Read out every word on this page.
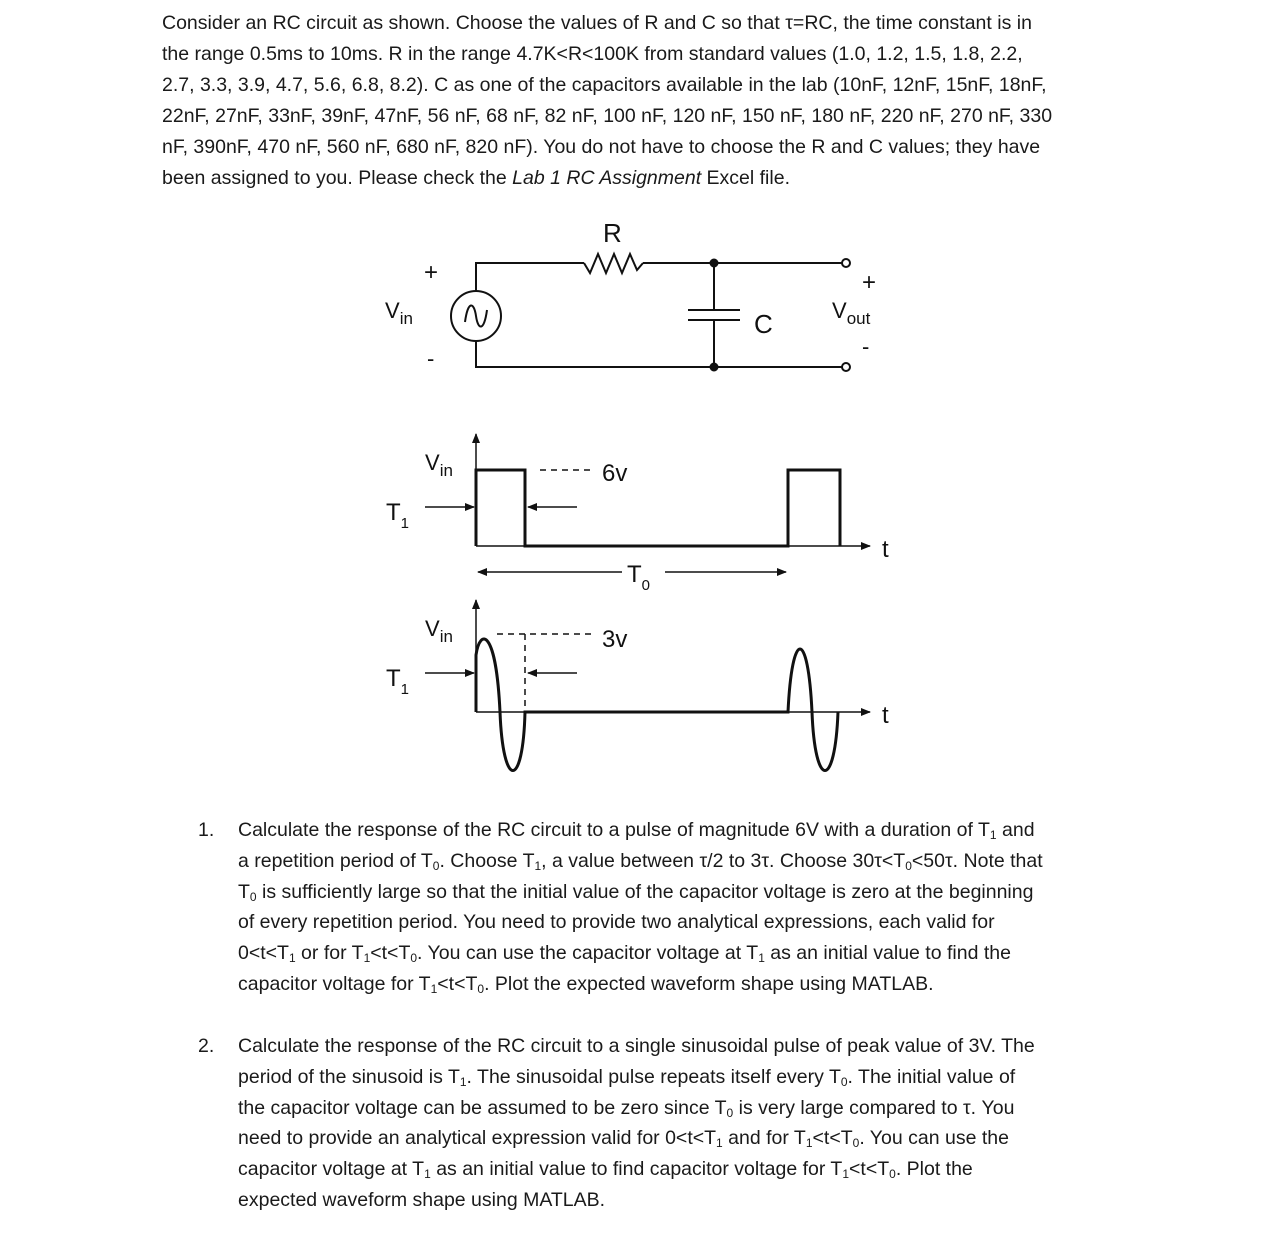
Consider an RC circuit as shown. Choose the values of R and C so that τ=RC, the time constant is in
the range 0.5ms to 10ms. R in the range 4.7K<R<100K from standard values (1.0, 1.2, 1.5, 1.8, 2.2,
2.7, 3.3, 3.9, 4.7, 5.6, 6.8, 8.2). C as one of the capacitors available in the lab (10nF, 12nF, 15nF, 18nF,
22nF, 27nF, 33nF, 39nF, 47nF, 56 nF, 68 nF, 82 nF, 100 nF, 120 nF, 150 nF, 180 nF, 220 nF, 270 nF, 330
nF, 390nF, 470 nF, 560 nF, 680 nF, 820 nF). You do not have to choose the R and C values; they have
been assigned to you. Please check the Lab 1 RC Assignment Excel file.
1. Calculate the response of the RC circuit to a pulse of magnitude 6V with a duration of $T_1$ and
a repetition period of $T_0$. Choose $T_1$, a value between τ/2 to 3τ. Choose $30\tau<T_0<50\tau$. Note that
$T_0$ is sufficiently large so that the initial value of the capacitor voltage is zero at the beginning
of every repetition period. You need to provide two analytical expressions, each valid for
$0<t<T_1$ or for $T_1<t<T_0$. You can use the capacitor voltage at $T_1$ as an initial value to find the
capacitor voltage for $T_1<t<T_0$. Plot the expected waveform shape using MATLAB.
2. Calculate the response of the RC circuit to a single sinusoidal pulse of peak value of 3V. The
period of the sinusoid is $T_1$. The sinusoidal pulse repeats itself every $T_0$. The initial value of
the capacitor voltage can be assumed to be zero since $T_0$ is very large compared to τ. You
need to provide an analytical expression valid for $0<t<T_1$ and for $T_1<t<T_0$. You can use the
capacitor voltage at $T_1$ as an initial value to find capacitor voltage for $T_1<t<T_0$. Plot the
expected waveform shape using MATLAB.
R
C
+
-
$V_{in}$
+
-
$V_{out}$
$V_{in}$	6v
$T_1$
$T_0$
t
$V_{in}$	3v
$T_1$
t
